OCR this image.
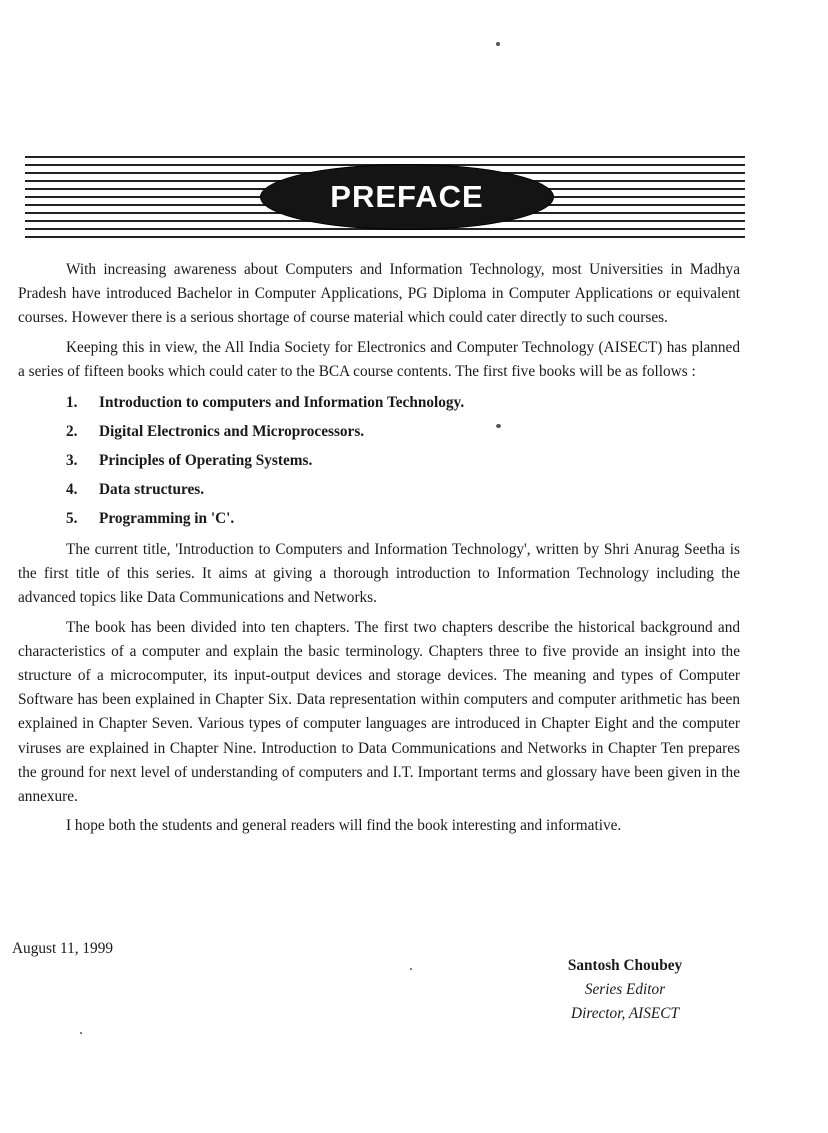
PREFACE

With increasing awareness about Computers and Information Technology, most Universities in Madhya Pradesh have introduced Bachelor in Computer Applications, PG Diploma in Computer Applications or equivalent courses. However there is a serious shortage of course material which could cater directly to such courses.

Keeping this in view, the All India Society for Electronics and Computer Technology (AISECT) has planned a series of fifteen books which could cater to the BCA course contents. The first five books will be as follows :

1.	Introduction to computers and Information Technology.
2.	Digital Electronics and Microprocessors.
3.	Principles of Operating Systems.
4.	Data structures.
5.	Programming in 'C'.

The current title, 'Introduction to Computers and Information Technology', written by Shri Anurag Seetha is the first title of this series. It aims at giving a thorough introduction to Information Technology including the advanced topics like Data Communications and Networks.

The book has been divided into ten chapters. The first two chapters describe the historical background and characteristics of a computer and explain the basic terminology. Chapters three to five provide an insight into the structure of a microcomputer, its input-output devices and storage devices. The meaning and types of Computer Software has been explained in Chapter Six. Data representation within computers and computer arithmetic has been explained in Chapter Seven. Various types of computer languages are introduced in Chapter Eight and the computer viruses are explained in Chapter Nine. Introduction to Data Communications and Networks in Chapter Ten prepares the ground for next level of understanding of computers and I.T. Important terms and glossary have been given in the annexure.

I hope both the students and general readers will find the book interesting and informative.

August 11, 1999
Santosh Choubey
Series Editor
Director, AISECT
